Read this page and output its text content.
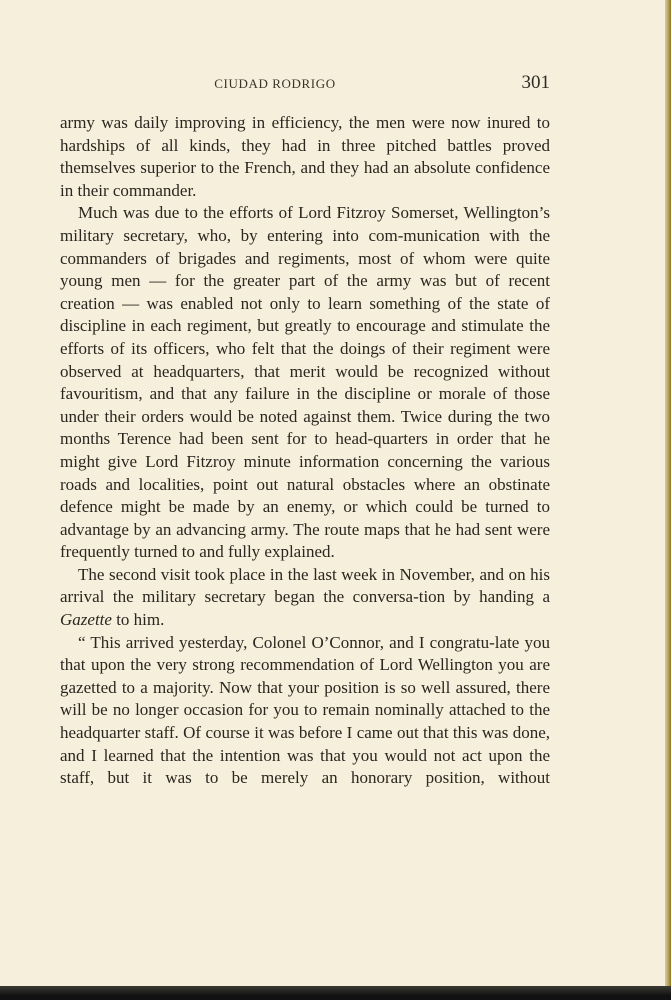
CIUDAD RODRIGO	301

army was daily improving in efficiency, the men were now inured to hardships of all kinds, they had in three pitched battles proved themselves superior to the French, and they had an absolute confidence in their commander.

Much was due to the efforts of Lord Fitzroy Somerset, Wellington’s military secretary, who, by entering into com-munication with the commanders of brigades and regiments, most of whom were quite young men — for the greater part of the army was but of recent creation — was enabled not only to learn something of the state of discipline in each regiment, but greatly to encourage and stimulate the efforts of its officers, who felt that the doings of their regiment were observed at headquarters, that merit would be recognized without favouritism, and that any failure in the discipline or morale of those under their orders would be noted against them. Twice during the two months Terence had been sent for to head-quarters in order that he might give Lord Fitzroy minute information concerning the various roads and localities, point out natural obstacles where an obstinate defence might be made by an enemy, or which could be turned to advantage by an advancing army. The route maps that he had sent were frequently turned to and fully explained.

The second visit took place in the last week in November, and on his arrival the military secretary began the conversa-tion by handing a Gazette to him.

“ This arrived yesterday, Colonel O’Connor, and I congratu-late you that upon the very strong recommendation of Lord Wellington you are gazetted to a majority. Now that your position is so well assured, there will be no longer occasion for you to remain nominally attached to the headquarter staff. Of course it was before I came out that this was done, and I learned that the intention was that you would not act upon the staff, but it was to be merely an honorary position, without
